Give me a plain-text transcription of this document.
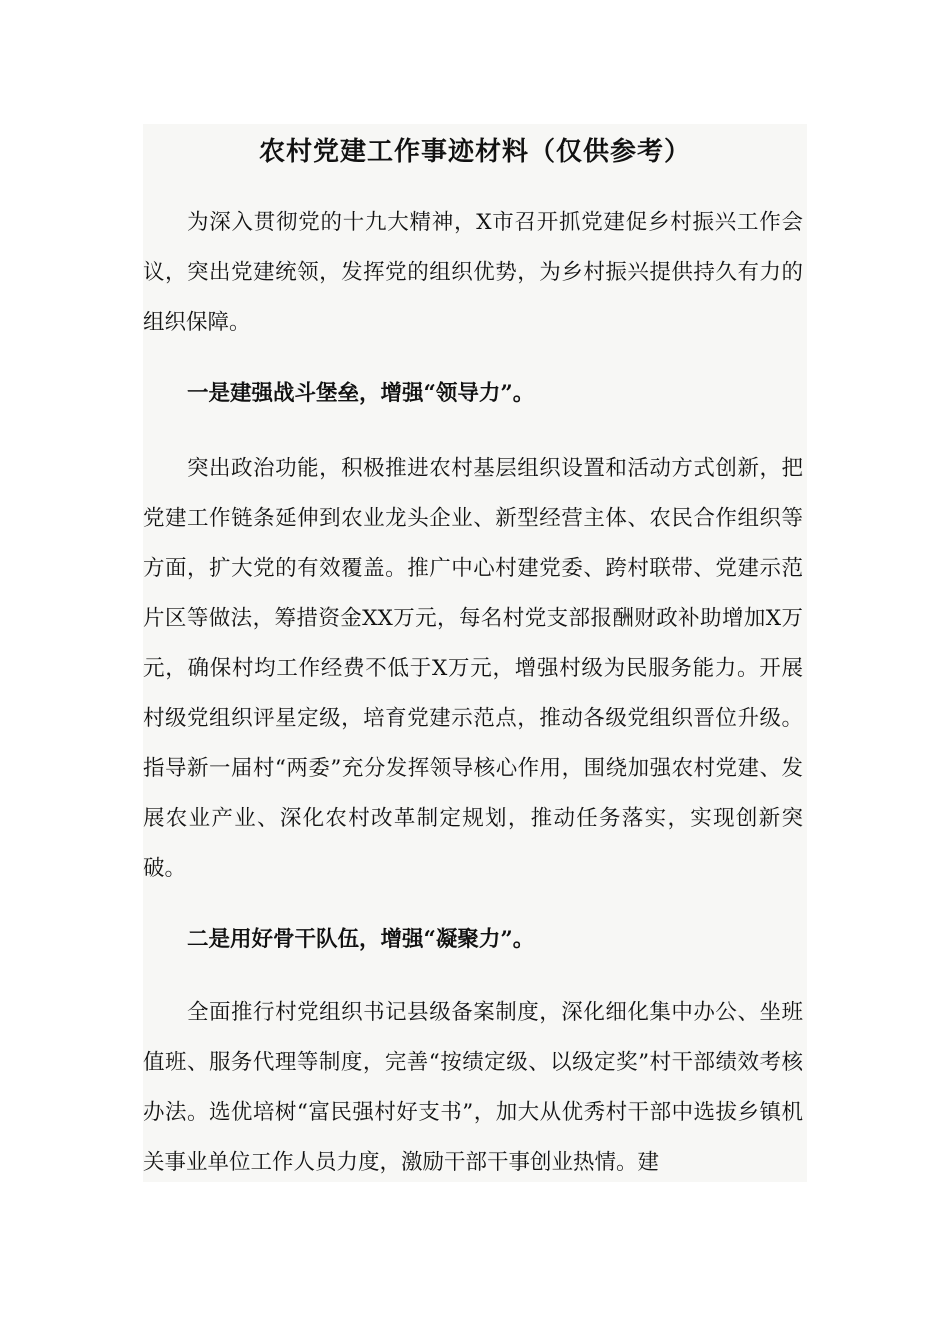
农村党建工作事迹材料（仅供参考）

为深入贯彻党的十九大精神，X市召开抓党建促乡村振兴工作会议，突出党建统领，发挥党的组织优势，为乡村振兴提供持久有力的组织保障。

一是建强战斗堡垒，增强“领导力”。

突出政治功能，积极推进农村基层组织设置和活动方式创新，把党建工作链条延伸到农业龙头企业、新型经营主体、农民合作组织等方面，扩大党的有效覆盖。推广中心村建党委、跨村联带、党建示范片区等做法，筹措资金XX万元，每名村党支部报酬财政补助增加X万元，确保村均工作经费不低于X万元，增强村级为民服务能力。开展村级党组织评星定级，培育党建示范点，推动各级党组织晋位升级。指导新一届村“两委”充分发挥领导核心作用，围绕加强农村党建、发展农业产业、深化农村改革制定规划，推动任务落实，实现创新突破。

二是用好骨干队伍，增强“凝聚力”。

全面推行村党组织书记县级备案制度，深化细化集中办公、坐班值班、服务代理等制度，完善“按绩定级、以级定奖”村干部绩效考核办法。选优培树“富民强村好支书”，加大从优秀村干部中选拔乡镇机关事业单位工作人员力度，激励干部干事创业热情。建
